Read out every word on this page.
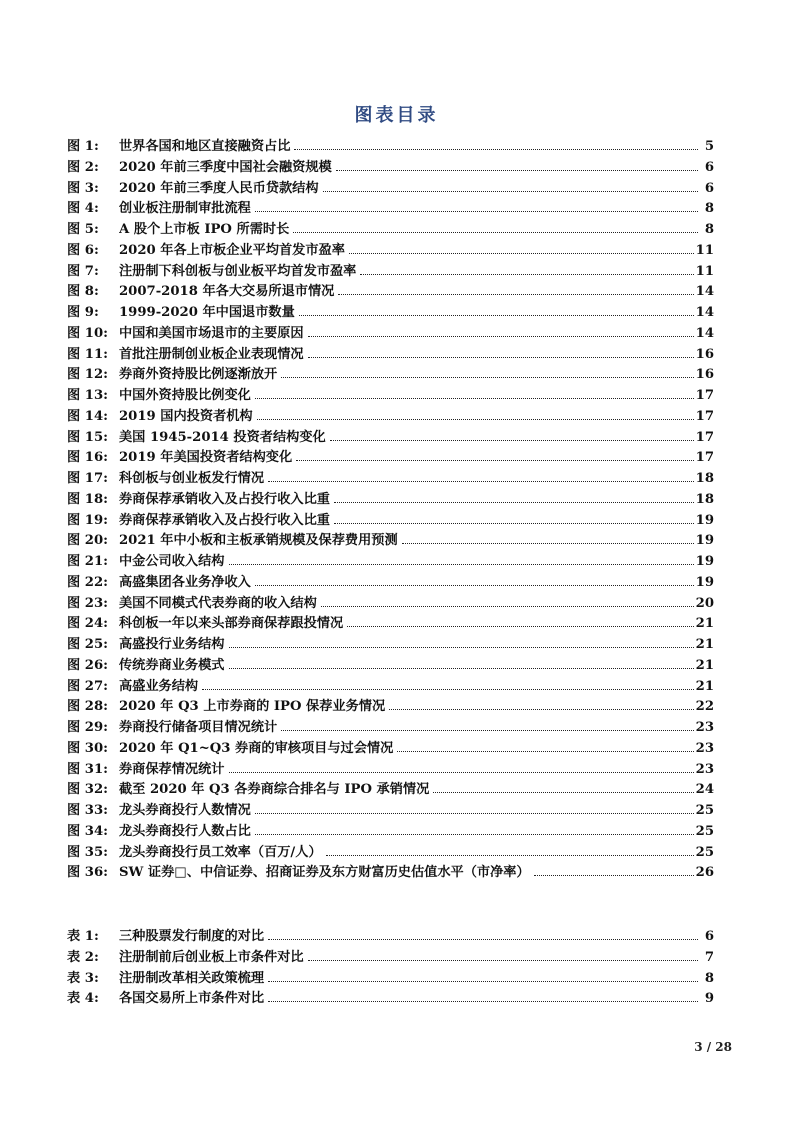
图表目录
图 1:	世界各国和地区直接融资占比	5
图 2:	2020 年前三季度中国社会融资规模	6
图 3:	2020 年前三季度人民币贷款结构	6
图 4:	创业板注册制审批流程	8
图 5:	A 股个上市板 IPO 所需时长	8
图 6:	2020 年各上市板企业平均首发市盈率	11
图 7:	注册制下科创板与创业板平均首发市盈率	11
图 8:	2007-2018 年各大交易所退市情况	14
图 9:	1999-2020 年中国退市数量	14
图 10: 中国和美国市场退市的主要原因	14
图 11: 首批注册制创业板企业表现情况	16
图 12: 券商外资持股比例逐渐放开	16
图 13: 中国外资持股比例变化	17
图 14: 2019 国内投资者机构	17
图 15: 美国 1945-2014 投资者结构变化	17
图 16: 2019 年美国投资者结构变化	17
图 17: 科创板与创业板发行情况	18
图 18: 券商保荐承销收入及占投行收入比重	18
图 19: 券商保荐承销收入及占投行收入比重	19
图 20: 2021 年中小板和主板承销规模及保荐费用预测	19
图 21: 中金公司收入结构	19
图 22: 高盛集团各业务净收入	19
图 23: 美国不同模式代表券商的收入结构	20
图 24: 科创板一年以来头部券商保荐跟投情况	21
图 25: 高盛投行业务结构	21
图 26: 传统券商业务模式	21
图 27: 高盛业务结构	21
图 28: 2020 年 Q3 上市券商的 IPO 保荐业务情况	22
图 29: 券商投行储备项目情况统计	23
图 30: 2020 年 Q1~Q3 券商的审核项目与过会情况	23
图 31: 券商保荐情况统计	23
图 32: 截至 2020 年 Q3 各券商综合排名与 IPO 承销情况	24
图 33: 龙头券商投行人数情况	25
图 34: 龙头券商投行人数占比	25
图 35: 龙头券商投行员工效率（百万/人）	25
图 36: SW 证券□、中信证券、招商证券及东方财富历史估值水平（市净率）	26
表 1:	三种股票发行制度的对比	6
表 2:	注册制前后创业板上市条件对比	7
表 3:	注册制改革相关政策梳理	8
表 4:	各国交易所上市条件对比	9
3 / 28
